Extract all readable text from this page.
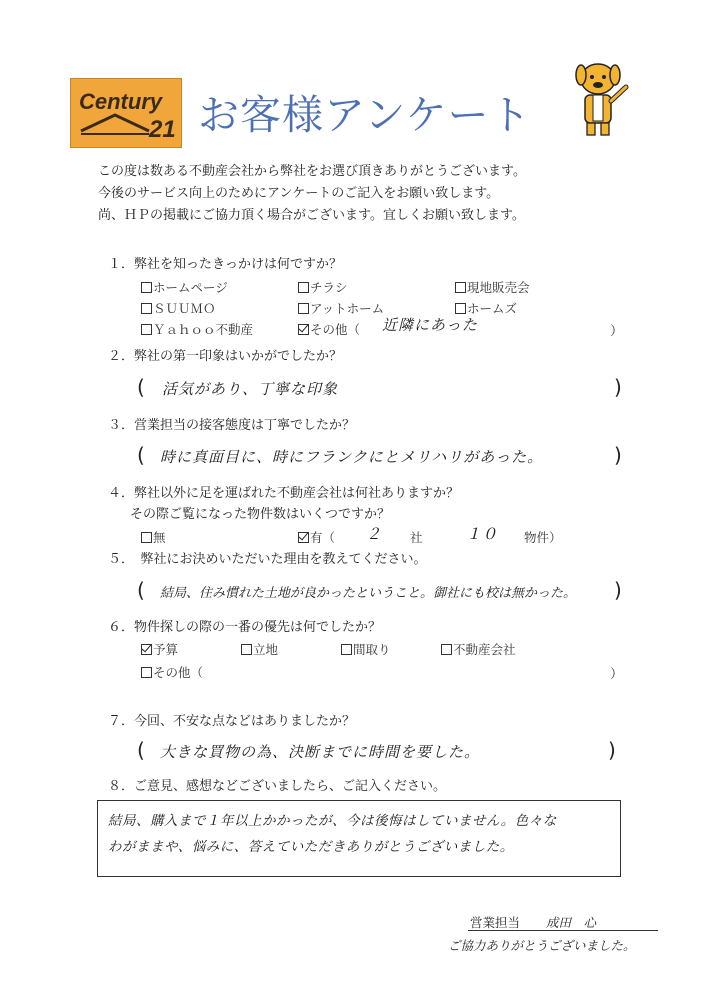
Century
21 お客様アンケート
この度は数ある不動産会社から弊社をお選び頂きありがとうございます。
今後のサービス向上のためにアンケートのご記入をお願い致します。
尚、ＨＰの掲載にご協力頂く場合がございます。宜しくお願い致します。
１．弊社を知ったきっかけは何ですか？
ホームページ	チラシ	現地販売会
ＳＵＵＭＯ	アットホーム	ホームズ
Ｙａｈｏｏ不動産	その他（ 近隣にあった	）
２．弊社の第一印象はいかがでしたか？
( 活気があり、丁寧な印象	)
３．営業担当の接客態度は丁寧でしたか？
( 時に真面目に、時にフランクにとメリハリがあった。	)
４．弊社以外に足を運ばれた不動産会社は何社ありますか？
その際ご覧になった物件数はいくつですか？
無	有（ ２ 社	１０ 物件）
５．　弊社にお決めいただいた理由を教えてください。
( 結局、住み慣れた土地が良かったということ。御社にも校は無かった。 )
６．物件探しの際の一番の優先は何でしたか？
予算	立地	間取り	不動産会社
その他（	）
７．今回、不安な点などはありましたか？
( 大きな買物の為、決断までに時間を要した。	)
８．ご意見、感想などございましたら、ご記入ください。
結局、購入まで１年以上かかったが、今は後悔はしていません。色々な
わがままや、悩みに、答えていただきありがとうございました。
営業担当 成田　心
ご協力ありがとうございました。
